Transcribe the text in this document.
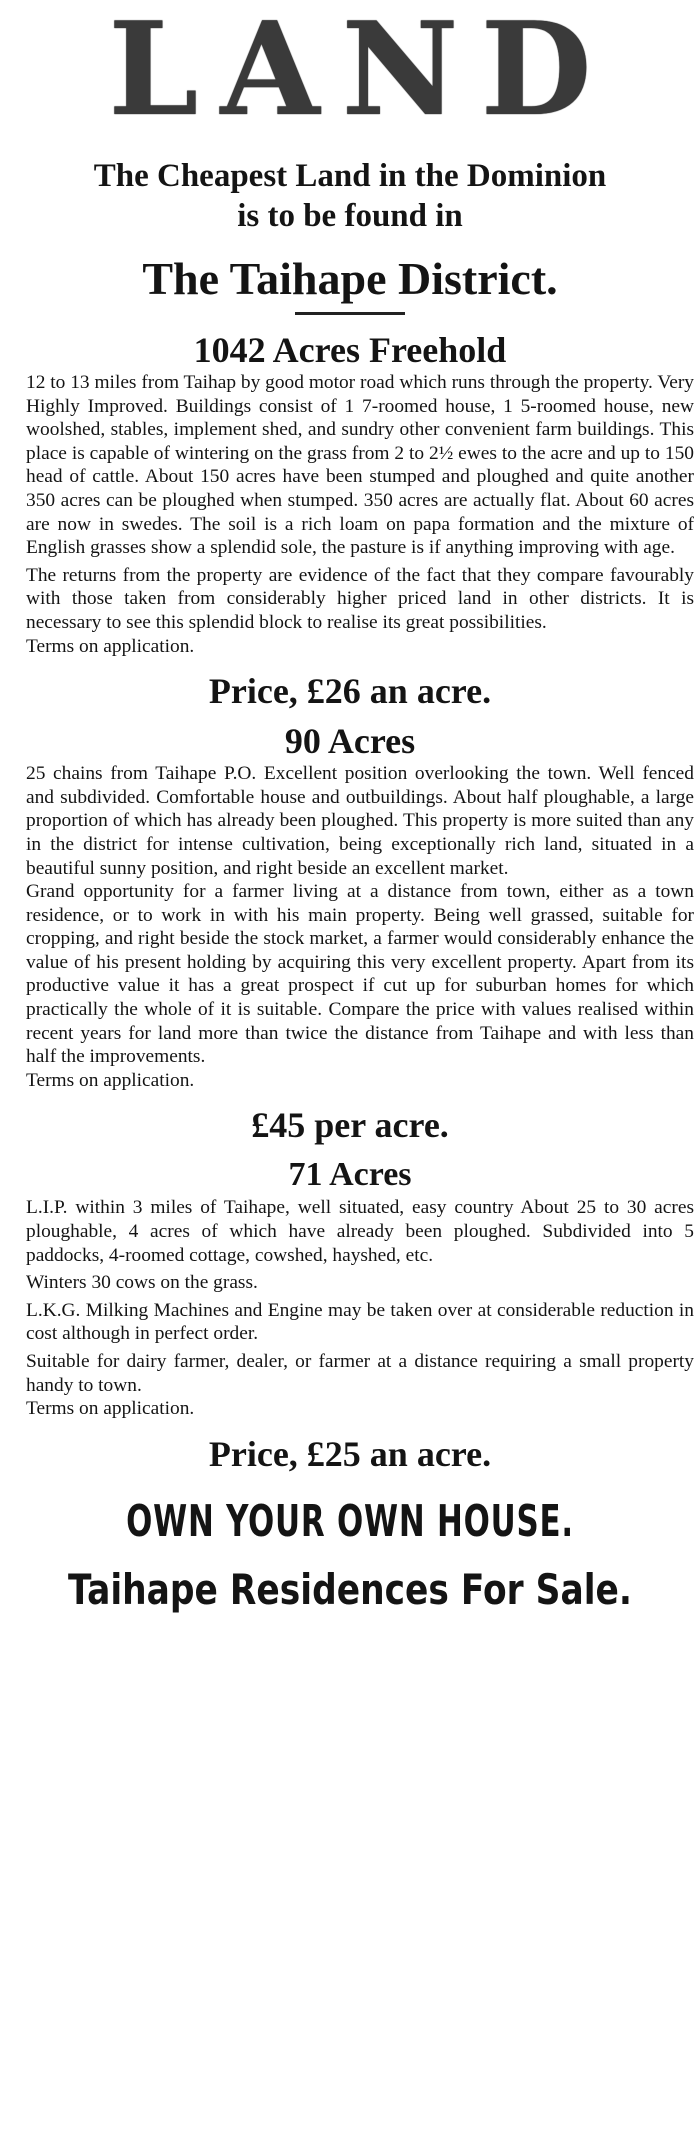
LAND
The Cheapest Land in the Dominion
is to be found in
The Taihape District.
1042 Acres Freehold

12 to 13 miles from Taihap by good motor road which runs through the property. Very Highly Improved. Buildings consist of 1 7-roomed house, 1 5-roomed house, new woolshed, stables, implement shed, and sundry other convenient farm buildings. This place is capable of wintering on the grass from 2 to 2½ ewes to the acre and up to 150 head of cattle. About 150 acres have been stumped and ploughed and quite another 350 acres can be ploughed when stumped. 350 acres are actually flat. About 60 acres are now in swedes. The soil is a rich loam on papa formation and the mixture of English grasses show a splendid sole, the pasture is if anything improving with age.

The returns from the property are evidence of the fact that they compare favourably with those taken from considerably higher priced land in other districts. It is necessary to see this splendid block to realise its great possibilities.

Terms on application.
Price, £26 an acre.
90 Acres

25 chains from Taihape P.O. Excellent position overlooking the town. Well fenced and subdivided. Comfortable house and outbuildings. About half ploughable, a large proportion of which has already been ploughed. This property is more suited than any in the district for intense cultivation, being exceptionally rich land, situated in a beautiful sunny position, and right beside an excellent market.

Grand opportunity for a farmer living at a distance from town, either as a town residence, or to work in with his main property. Being well grassed, suitable for cropping, and right beside the stock market, a farmer would considerably enhance the value of his present holding by acquiring this very excellent property. Apart from its productive value it has a great prospect if cut up for suburban homes for which practically the whole of it is suitable. Compare the price with values realised within recent years for land more than twice the distance from Taihape and with less than half the improvements.

Terms on application.
£45 per acre.
71 Acres

L.I.P. within 3 miles of Taihape, well situated, easy country About 25 to 30 acres ploughable, 4 acres of which have already been ploughed. Subdivided into 5 paddocks, 4-roomed cottage, cowshed, hayshed, etc.

Winters 30 cows on the grass.

L.K.G. Milking Machines and Engine may be taken over at considerable reduction in cost although in perfect order.

Suitable for dairy farmer, dealer, or farmer at a distance requiring a small property handy to town.

Terms on application.
Price, £25 an acre.
OWN YOUR OWN HOUSE.
Taihape Residences For Sale.
